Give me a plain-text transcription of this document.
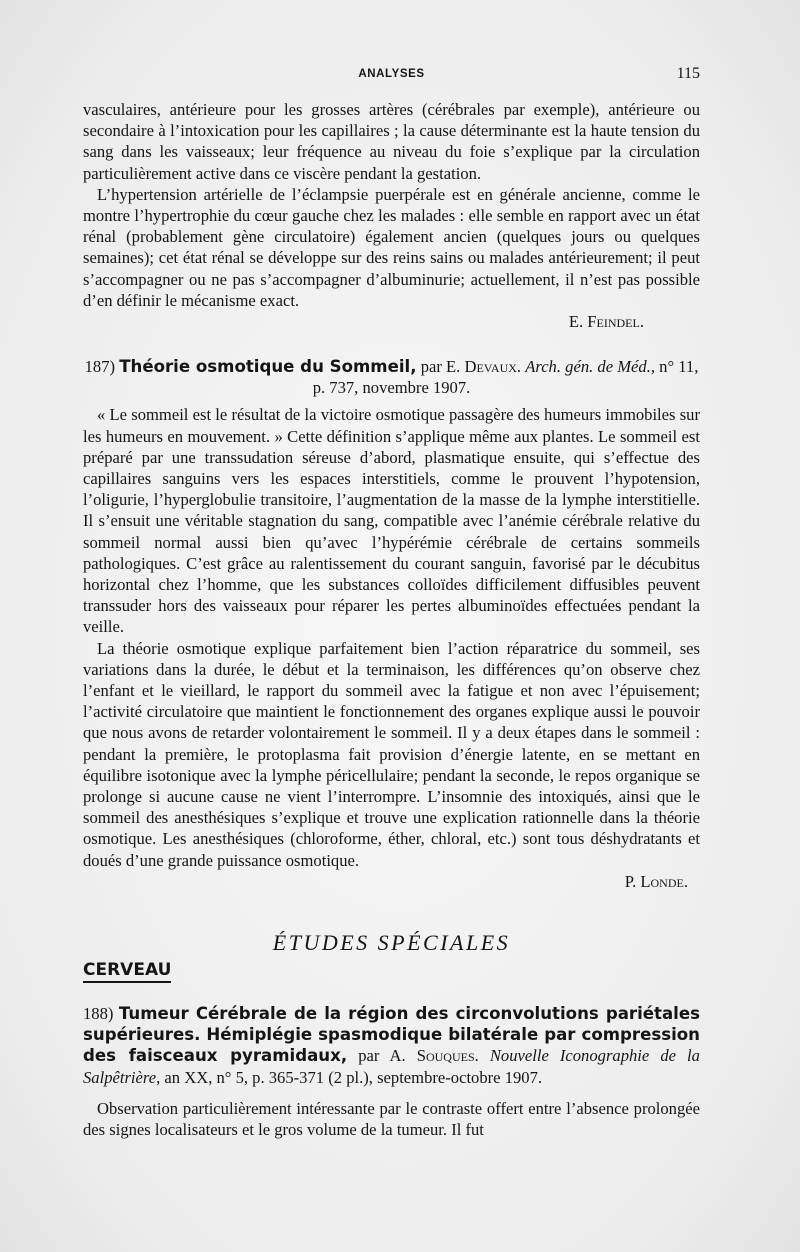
ANALYSES	115

vasculaires, antérieure pour les grosses artères (cérébrales par exemple), antérieure ou secondaire à l’intoxication pour les capillaires ; la cause déterminante est la haute tension du sang dans les vaisseaux; leur fréquence au niveau du foie s’explique par la circulation particulièrement active dans ce viscère pendant la gestation.

L’hypertension artérielle de l’éclampsie puerpérale est en générale ancienne, comme le montre l’hypertrophie du cœur gauche chez les malades : elle semble en rapport avec un état rénal (probablement gène circulatoire) également ancien (quelques jours ou quelques semaines); cet état rénal se développe sur des reins sains ou malades antérieurement; il peut s’accompagner ou ne pas s’accompagner d’albuminurie; actuellement, il n’est pas possible d’en définir le mécanisme exact.

E. Feindel.

187) Théorie osmotique du Sommeil, par E. Devaux. Arch. gén. de Méd., n° 11, p. 737, novembre 1907.

« Le sommeil est le résultat de la victoire osmotique passagère des humeurs immobiles sur les humeurs en mouvement. » Cette définition s’applique même aux plantes. Le sommeil est préparé par une transsudation séreuse d’abord, plasmatique ensuite, qui s’effectue des capillaires sanguins vers les espaces interstitiels, comme le prouvent l’hypotension, l’oligurie, l’hyperglobulie transitoire, l’augmentation de la masse de la lymphe interstitielle. Il s’ensuit une véritable stagnation du sang, compatible avec l’anémie cérébrale relative du sommeil normal aussi bien qu’avec l’hypérémie cérébrale de certains sommeils pathologiques. C’est grâce au ralentissement du courant sanguin, favorisé par le décubitus horizontal chez l’homme, que les substances colloïdes difficilement diffusibles peuvent transsuder hors des vaisseaux pour réparer les pertes albuminoïdes effectuées pendant la veille.

La théorie osmotique explique parfaitement bien l’action réparatrice du sommeil, ses variations dans la durée, le début et la terminaison, les différences qu’on observe chez l’enfant et le vieillard, le rapport du sommeil avec la fatigue et non avec l’épuisement; l’activité circulatoire que maintient le fonctionnement des organes explique aussi le pouvoir que nous avons de retarder volontairement le sommeil. Il y a deux étapes dans le sommeil : pendant la première, le protoplasma fait provision d’énergie latente, en se mettant en équilibre isotonique avec la lymphe péricellulaire; pendant la seconde, le repos organique se prolonge si aucune cause ne vient l’interrompre. L’insomnie des intoxiqués, ainsi que le sommeil des anesthésiques s’explique et trouve une explication rationnelle dans la théorie osmotique. Les anesthésiques (chloroforme, éther, chloral, etc.) sont tous déshydratants et doués d’une grande puissance osmotique.

P. Londe.

ÉTUDES SPÉCIALES
CERVEAU

188) Tumeur Cérébrale de la région des circonvolutions pariétales supérieures. Hémiplégie spasmodique bilatérale par compression des faisceaux pyramidaux, par A. Souques. Nouvelle Iconographie de la Salpêtrière, an XX, n° 5, p. 365-371 (2 pl.), septembre-octobre 1907.

Observation particulièrement intéressante par le contraste offert entre l’absence prolongée des signes localisateurs et le gros volume de la tumeur. Il fut
